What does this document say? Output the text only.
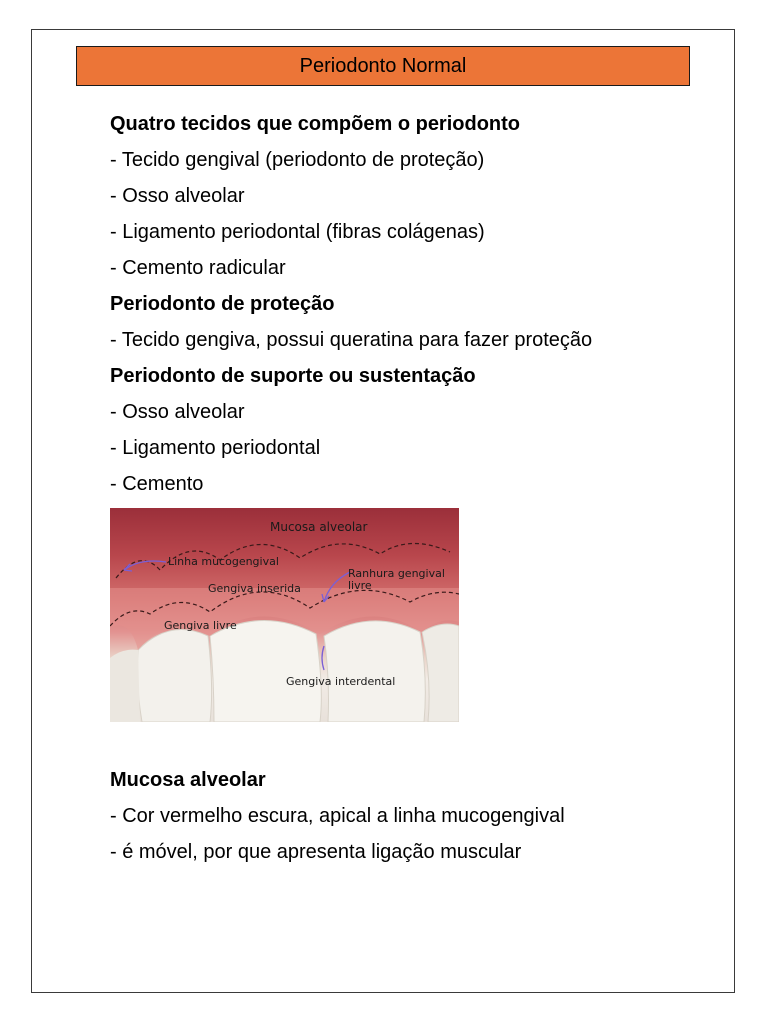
Periodonto Normal
Quatro tecidos que compõem o periodonto
- Tecido gengival (periodonto de proteção)
- Osso alveolar
- Ligamento periodontal (fibras colágenas)
- Cemento radicular
Periodonto de proteção
- Tecido gengiva, possui queratina para fazer proteção
Periodonto de suporte ou sustentação
- Osso alveolar
- Ligamento periodontal
- Cemento
Mucosa alveolar
Linha mucogengival
Gengiva inserida
Ranhura gengival livre
Gengiva livre
Gengiva interdental
Mucosa alveolar
- Cor vermelho escura, apical a linha mucogengival
- é móvel, por que apresenta ligação muscular
